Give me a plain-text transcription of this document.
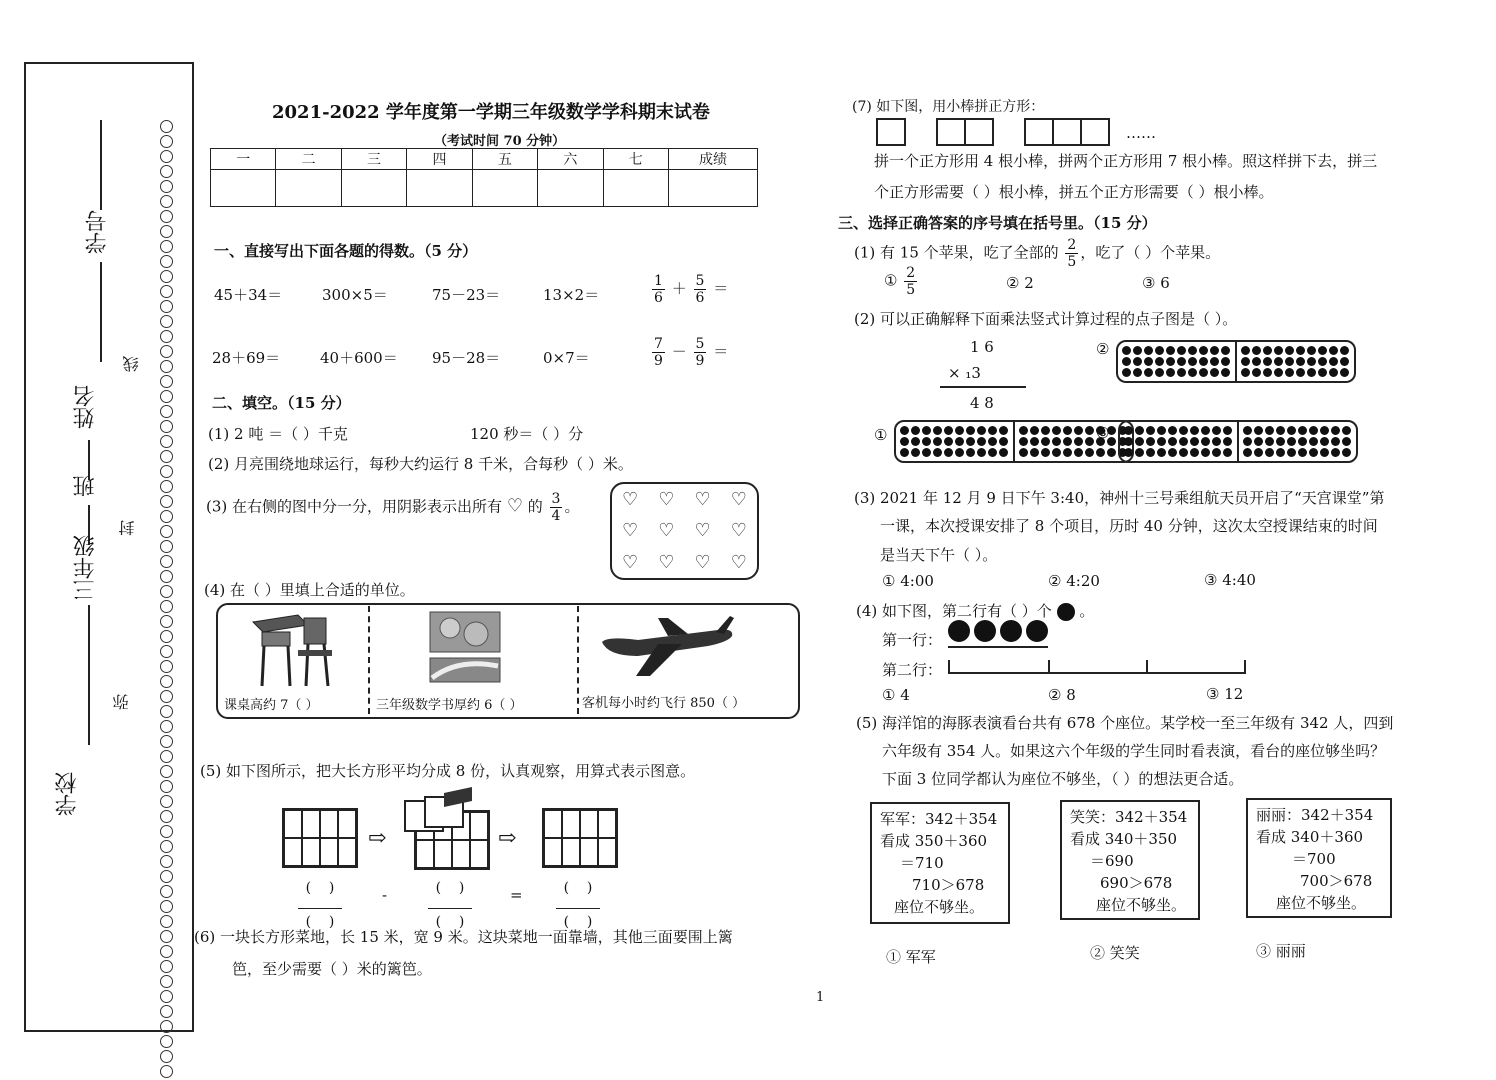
学号
姓名
班
三年级
学校
线
封
弥
2021-2022 学年度第一学期三年级数学学科期末试卷
（考试时间 70 分钟）
一	二	三	四	五	六	七	成绩

一、直接写出下面各题的得数。（5 分）
45＋34＝	300×5＝	75－23＝	13×2＝	$\frac{1}{6} + \frac{5}{6}$ ＝
28＋69＝	40＋600＝ 95－28＝	0×7＝	$\frac{7}{9} - \frac{5}{9}$ ＝
二、填空。（15 分）
(1) 2 吨 ＝（ ）千克	120 秒＝（ ）分
(2) 月亮围绕地球运行，每秒大约运行 8 千米，合每秒（ ）米。
(3) 在右侧的图中分一分，用阴影表示出所有 ♡ 的 $\frac{3}{4}$ 。 ♡ ♡ ♡ ♡
♡ ♡ ♡ ♡
♡ ♡ ♡ ♡
(4) 在（ ）里填上合适的单位。
课桌高约 7（ ）	三年级数学书厚约 6（ ）	客机每小时约飞行 850（ ）
(5) 如下图所示，把大长方形平均分成 8 份，认真观察，用算式表示图意。
⇨	⇨
(    )

(    )
-	(    )

(    )
=	(    )

(    )
(6) 一块长方形菜地，长 15 米，宽 9 米。这块菜地一面靠墙，其他三面要围上篱
笆，至少需要（ ）米的篱笆。
(7) 如下图，用小棒拼正方形：
……
拼一个正方形用 4 根小棒，拼两个正方形用 7 根小棒。照这样拼下去，拼三
个正方形需要（ ）根小棒，拼五个正方形需要（ ）根小棒。
三、选择正确答案的序号填在括号里。（15 分）
(1) 有 15 个苹果，吃了全部的 $\frac{2}{5}$ ，吃了（ ）个苹果。
① $\frac{2}{5}$	② 2	③ 6
(2) 可以正确解释下面乘法竖式计算过程的点子图是（ ）。
1 6
× ₁3
4 8
②
①	③
(3) 2021 年 12 月 9 日下午 3:40，神州十三号乘组航天员开启了“天宫课堂”第
一课，本次授课安排了 8 个项目，历时 40 分钟，这次太空授课结束的时间
是当天下午（ ）。
① 4:00	② 4:20	③ 4:40
(4) 如下图，第二行有（ ）个  。
第一行：
第二行：
① 4	② 8	③ 12
(5) 海洋馆的海豚表演看台共有 678 个座位。某学校一至三年级有 342 人，四到
六年级有 354 人。如果这六个年级的学生同时看表演，看台的座位够坐吗？
下面 3 位同学都认为座位不够坐，（ ）的想法更合适。
军军：342＋354
看成 350＋360
＝710
710＞678
座位不够坐。
笑笑：342＋354
看成 340＋350
＝690
690＞678
座位不够坐。
丽丽：342＋354
看成 340＋360
＝700
700＞678
座位不够坐。
① 军军	② 笑笑	③ 丽丽
1
